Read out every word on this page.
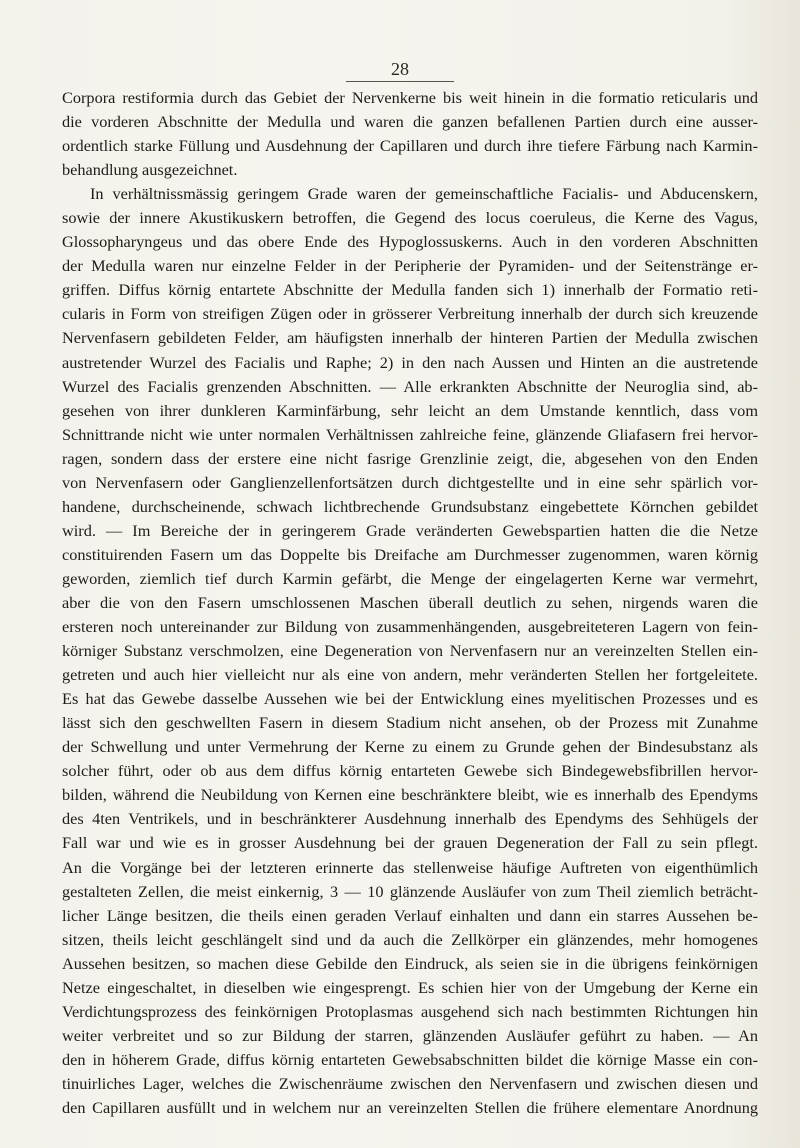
28
Corpora restiformia durch das Gebiet der Nervenkerne bis weit hinein in die formatio reticularis und
die vorderen Abschnitte der Medulla und waren die ganzen befallenen Partien durch eine ausser-
ordentlich starke Füllung und Ausdehnung der Capillaren und durch ihre tiefere Färbung nach Karmin-
behandlung ausgezeichnet.
In verhältnissmässig geringem Grade waren der gemeinschaftliche Facialis- und Abducenskern,
sowie der innere Akustikuskern betroffen, die Gegend des locus coeruleus, die Kerne des Vagus,
Glossopharyngeus und das obere Ende des Hypoglossuskerns. Auch in den vorderen Abschnitten
der Medulla waren nur einzelne Felder in der Peripherie der Pyramiden- und der Seitenstränge er-
griffen. Diffus körnig entartete Abschnitte der Medulla fanden sich 1) innerhalb der Formatio reti-
cularis in Form von streifigen Zügen oder in grösserer Verbreitung innerhalb der durch sich kreuzende
Nervenfasern gebildeten Felder, am häufigsten innerhalb der hinteren Partien der Medulla zwischen
austretender Wurzel des Facialis und Raphe; 2) in den nach Aussen und Hinten an die austretende
Wurzel des Facialis grenzenden Abschnitten. — Alle erkrankten Abschnitte der Neuroglia sind, ab-
gesehen von ihrer dunkleren Karminfärbung, sehr leicht an dem Umstande kenntlich, dass vom
Schnittrande nicht wie unter normalen Verhältnissen zahlreiche feine, glänzende Gliafasern frei hervor-
ragen, sondern dass der erstere eine nicht fasrige Grenzlinie zeigt, die, abgesehen von den Enden
von Nervenfasern oder Ganglienzellenfortsätzen durch dichtgestellte und in eine sehr spärlich vor-
handene, durchscheinende, schwach lichtbrechende Grundsubstanz eingebettete Körnchen gebildet
wird. — Im Bereiche der in geringerem Grade veränderten Gewebspartien hatten die die Netze
constituirenden Fasern um das Doppelte bis Dreifache am Durchmesser zugenommen, waren körnig
geworden, ziemlich tief durch Karmin gefärbt, die Menge der eingelagerten Kerne war vermehrt,
aber die von den Fasern umschlossenen Maschen überall deutlich zu sehen, nirgends waren die
ersteren noch untereinander zur Bildung von zusammenhängenden, ausgebreiteteren Lagern von fein-
körniger Substanz verschmolzen, eine Degeneration von Nervenfasern nur an vereinzelten Stellen ein-
getreten und auch hier vielleicht nur als eine von andern, mehr veränderten Stellen her fortgeleitete.
Es hat das Gewebe dasselbe Aussehen wie bei der Entwicklung eines myelitischen Prozesses und es
lässt sich den geschwellten Fasern in diesem Stadium nicht ansehen, ob der Prozess mit Zunahme
der Schwellung und unter Vermehrung der Kerne zu einem zu Grunde gehen der Bindesubstanz als
solcher führt, oder ob aus dem diffus körnig entarteten Gewebe sich Bindegewebsfibrillen hervor-
bilden, während die Neubildung von Kernen eine beschränktere bleibt, wie es innerhalb des Ependyms
des 4ten Ventrikels, und in beschränkterer Ausdehnung innerhalb des Ependyms des Sehhügels der
Fall war und wie es in grosser Ausdehnung bei der grauen Degeneration der Fall zu sein pflegt.
An die Vorgänge bei der letzteren erinnerte das stellenweise häufige Auftreten von eigenthümlich
gestalteten Zellen, die meist einkernig, 3 — 10 glänzende Ausläufer von zum Theil ziemlich beträcht-
licher Länge besitzen, die theils einen geraden Verlauf einhalten und dann ein starres Aussehen be-
sitzen, theils leicht geschlängelt sind und da auch die Zellkörper ein glänzendes, mehr homogenes
Aussehen besitzen, so machen diese Gebilde den Eindruck, als seien sie in die übrigens feinkörnigen
Netze eingeschaltet, in dieselben wie eingesprengt. Es schien hier von der Umgebung der Kerne ein
Verdichtungsprozess des feinkörnigen Protoplasmas ausgehend sich nach bestimmten Richtungen hin
weiter verbreitet und so zur Bildung der starren, glänzenden Ausläufer geführt zu haben. — An
den in höherem Grade, diffus körnig entarteten Gewebsabschnitten bildet die körnige Masse ein con-
tinuirliches Lager, welches die Zwischenräume zwischen den Nervenfasern und zwischen diesen und
den Capillaren ausfüllt und in welchem nur an vereinzelten Stellen die frühere elementare Anordnung
